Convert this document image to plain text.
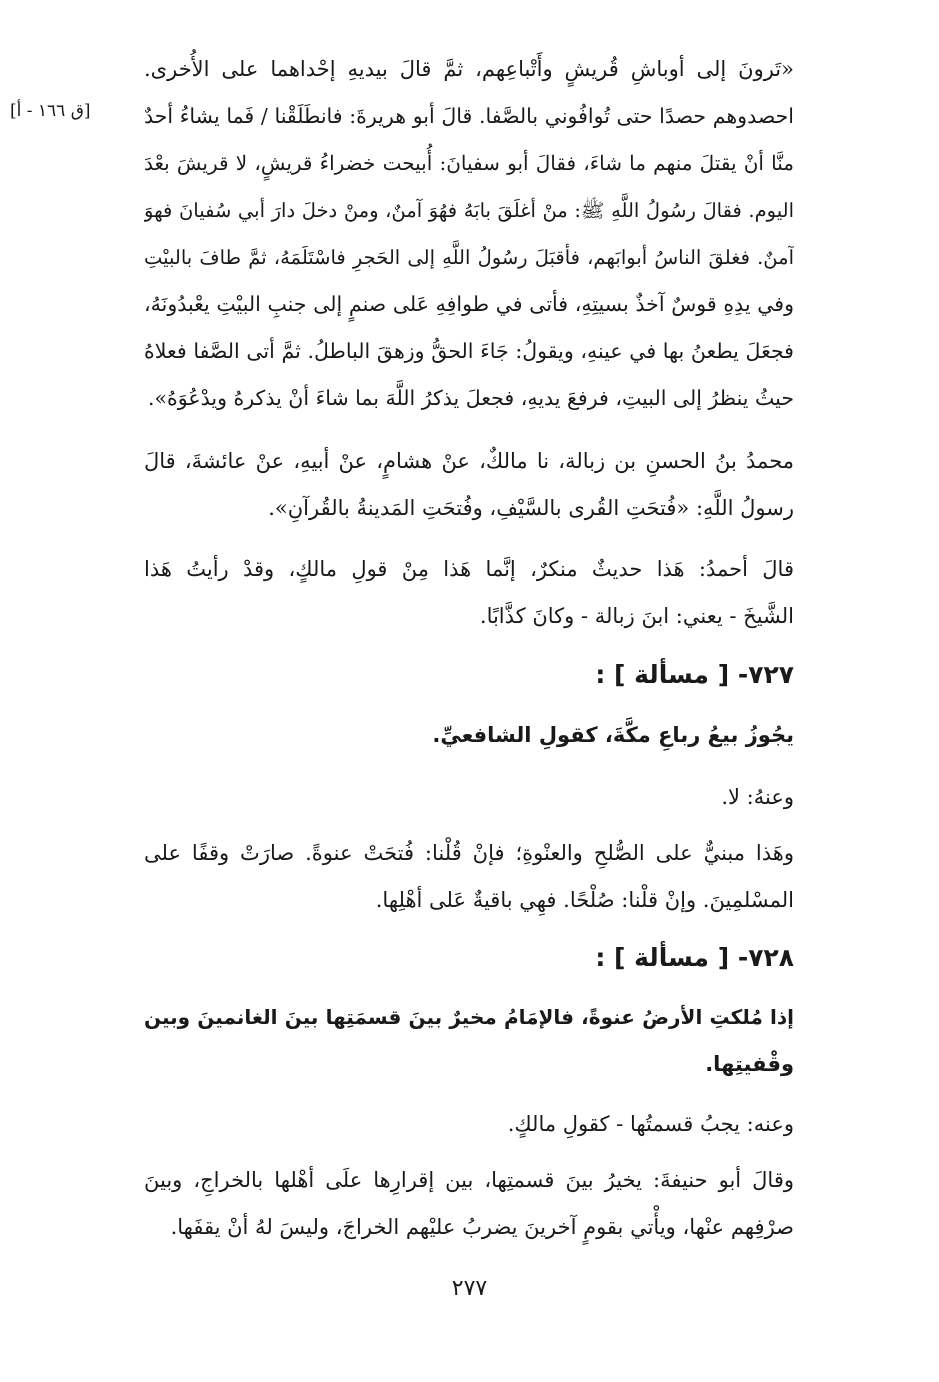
[ق ١٦٦ - أ]
«تَرونَ إلى أوباشِ قُريشٍ وأَتْباعِهم، ثمَّ قالَ بيديهِ إحْداهما على الأُخرى.
احصدوهم حصدًا حتى تُوافُوني بالصَّفا. قالَ أبو هريرةَ: فانطَلَقْنا / فَما يشاءُ أحدٌ
منَّا أنْ يقتلَ منهم ما شاءَ، فقالَ أبو سفيانَ: أُبيحت خضراءُ قريشٍ، لا قريشَ بعْدَ
اليوم. فقالَ رسُولُ اللَّهِ ﷺ: منْ أغلَقَ بابَهُ فهُوَ آمنٌ، ومنْ دخلَ دارَ أبي سُفيانَ فهوَ
آمنٌ. فغلقَ الناسُ أبوابَهم، فأقبَلَ رسُولُ اللَّهِ إلى الحَجرِ فاسْتَلَمَهُ، ثمَّ طافَ بالبيْتِ
وفي يدِهِ قوسٌ آخذٌ بسيتِهِ، فأتى في طوافِهِ عَلى صنمٍ إلى جنبِ البيْتِ يعْبدُونَهُ،
فجعَلَ يطعنُ بها في عينهِ، ويقولُ: جَاءَ الحقُّ وزهقَ الباطلُ. ثمَّ أتى الصَّفا فعلاهُ
حيثُ ينظرُ إلى البيتِ، فرفعَ يديهِ، فجعلَ يذكرُ اللَّهَ بما شاءَ أنْ يذكرهُ ويدْعُوَهُ».
محمدُ بنُ الحسنِ بن زبالة، نا مالكٌ، عنْ هشامٍ، عنْ أبيهِ، عنْ عائشةَ، قالَ
رسولُ اللَّهِ: «فُتحَتِ القُرى بالسَّيْفِ، وفُتحَتِ المَدينةُ بالقُرآنِ».
قالَ أحمدُ: هَذا حديثٌ منكرٌ، إنَّما هَذا مِنْ قولِ مالكٍ، وقدْ رأيتُ هَذا
الشَّيخَ - يعني: ابنَ زبالة - وكانَ كذَّابًا.
٧٢٧- [ مسألة ] :
يجُوزُ بيعُ رباعِ مكَّةَ، كقولِ الشافعيِّ.
وعنهُ: لا.
وهَذا مبنيٌّ على الصُّلحِ والعنْوةِ؛ فإنْ قُلْنا: فُتحَتْ عنوةً. صارَتْ وقفًا على
المسْلمِينَ. وإنْ قلْنا: صُلْحًا. فهِي باقيةٌ عَلى أهْلِها.
٧٢٨- [ مسألة ] :
إذا مُلكتِ الأرضُ عنوةً، فالإمَامُ مخيرٌ بينَ قسمَتِها بينَ الغانمينَ وبين
وقْفيتِها.
وعنه: يجبُ قسمتُها - كقولِ مالكٍ.
وقالَ أبو حنيفةَ: يخيرُ بينَ قسمتِها، بين إقرارِها علَى أهْلها بالخراجِ، وبينَ
صرْفِهم عنْها، ويأْتي بقومٍ آخرينَ يضربُ عليْهم الخراجَ، وليسَ لهُ أنْ يقفَها.
٢٧٧
